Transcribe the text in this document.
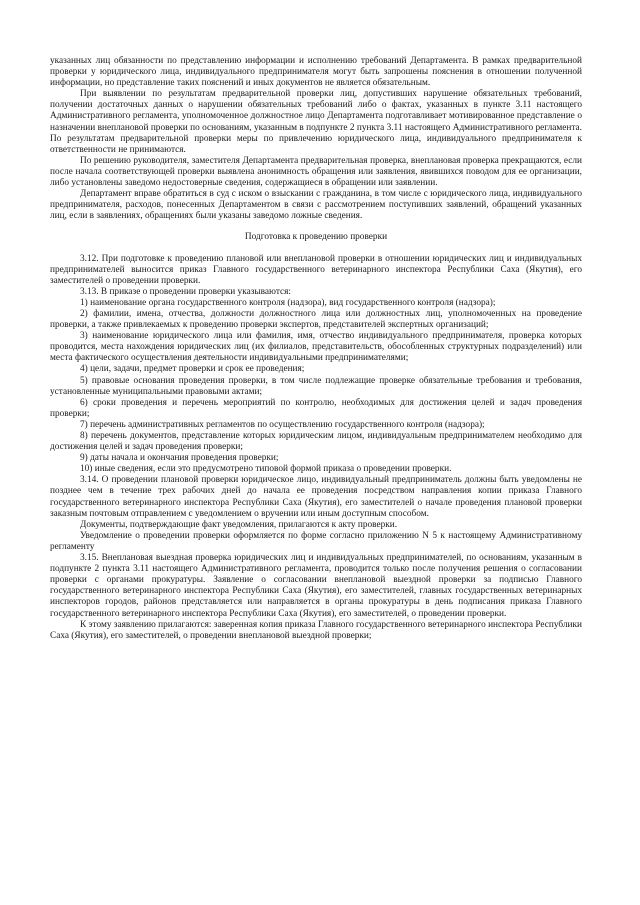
указанных лиц обязанности по представлению информации и исполнению требований Департамента. В рамках предварительной проверки у юридического лица, индивидуального предпринимателя могут быть запрошены пояснения в отношении полученной информации, но представление таких пояснений и иных документов не является обязательным.

При выявлении по результатам предварительной проверки лиц, допустивших нарушение обязательных требований, получении достаточных данных о нарушении обязательных требований либо о фактах, указанных в пункте 3.11 настоящего Административного регламента, уполномоченное должностное лицо Департамента подготавливает мотивированное представление о назначении внеплановой проверки по основаниям, указанным в подпункте 2 пункта 3.11 настоящего Административного регламента. По результатам предварительной проверки меры по привлечению юридического лица, индивидуального предпринимателя к ответственности не принимаются.

По решению руководителя, заместителя Департамента предварительная проверка, внеплановая проверка прекращаются, если после начала соответствующей проверки выявлена анонимность обращения или заявления, явившихся поводом для ее организации, либо установлены заведомо недостоверные сведения, содержащиеся в обращении или заявлении.

Департамент вправе обратиться в суд с иском о взыскании с гражданина, в том числе с юридического лица, индивидуального предпринимателя, расходов, понесенных Департаментом в связи с рассмотрением поступивших заявлений, обращений указанных лиц, если в заявлениях, обращениях были указаны заведомо ложные сведения.

Подготовка к проведению проверки

3.12. При подготовке к проведению плановой или внеплановой проверки в отношении юридических лиц и индивидуальных предпринимателей выносится приказ Главного государственного ветеринарного инспектора Республики Саха (Якутия), его заместителей о проведении проверки.

3.13. В приказе о проведении проверки указываются:

1) наименование органа государственного контроля (надзора), вид государственного контроля (надзора);

2) фамилии, имена, отчества, должности должностного лица или должностных лиц, уполномоченных на проведение проверки, а также привлекаемых к проведению проверки экспертов, представителей экспертных организаций;

3) наименование юридического лица или фамилия, имя, отчество индивидуального предпринимателя, проверка которых проводится, места нахождения юридических лиц (их филиалов, представительств, обособленных структурных подразделений) или места фактического осуществления деятельности индивидуальными предпринимателями;

4) цели, задачи, предмет проверки и срок ее проведения;

5) правовые основания проведения проверки, в том числе подлежащие проверке обязательные требования и требования, установленные муниципальными правовыми актами;

6) сроки проведения и перечень мероприятий по контролю, необходимых для достижения целей и задач проведения проверки;

7) перечень административных регламентов по осуществлению государственного контроля (надзора);

8) перечень документов, представление которых юридическим лицом, индивидуальным предпринимателем необходимо для достижения целей и задач проведения проверки;

9) даты начала и окончания проведения проверки;

10) иные сведения, если это предусмотрено типовой формой приказа о проведении проверки.

3.14. О проведении плановой проверки юридическое лицо, индивидуальный предприниматель должны быть уведомлены не позднее чем в течение трех рабочих дней до начала ее проведения посредством направления копии приказа Главного государственного ветеринарного инспектора Республики Саха (Якутия), его заместителей о начале проведения плановой проверки заказным почтовым отправлением с уведомлением о вручении или иным доступным способом.

Документы, подтверждающие факт уведомления, прилагаются к акту проверки.

Уведомление о проведении проверки оформляется по форме согласно приложению N 5 к настоящему Административному регламенту

3.15. Внеплановая выездная проверка юридических лиц и индивидуальных предпринимателей, по основаниям, указанным в подпункте 2 пункта 3.11 настоящего Административного регламента, проводится только после получения решения о согласовании проверки с органами прокуратуры. Заявление о согласовании внеплановой выездной проверки за подписью Главного государственного ветеринарного инспектора Республики Саха (Якутия), его заместителей, главных государственных ветеринарных инспекторов городов, районов представляется или направляется в органы прокуратуры в день подписания приказа Главного государственного ветеринарного инспектора Республики Саха (Якутия), его заместителей, о проведении проверки.

К этому заявлению прилагаются: заверенная копия приказа Главного государственного ветеринарного инспектора Республики Саха (Якутия), его заместителей, о проведении внеплановой выездной проверки;
